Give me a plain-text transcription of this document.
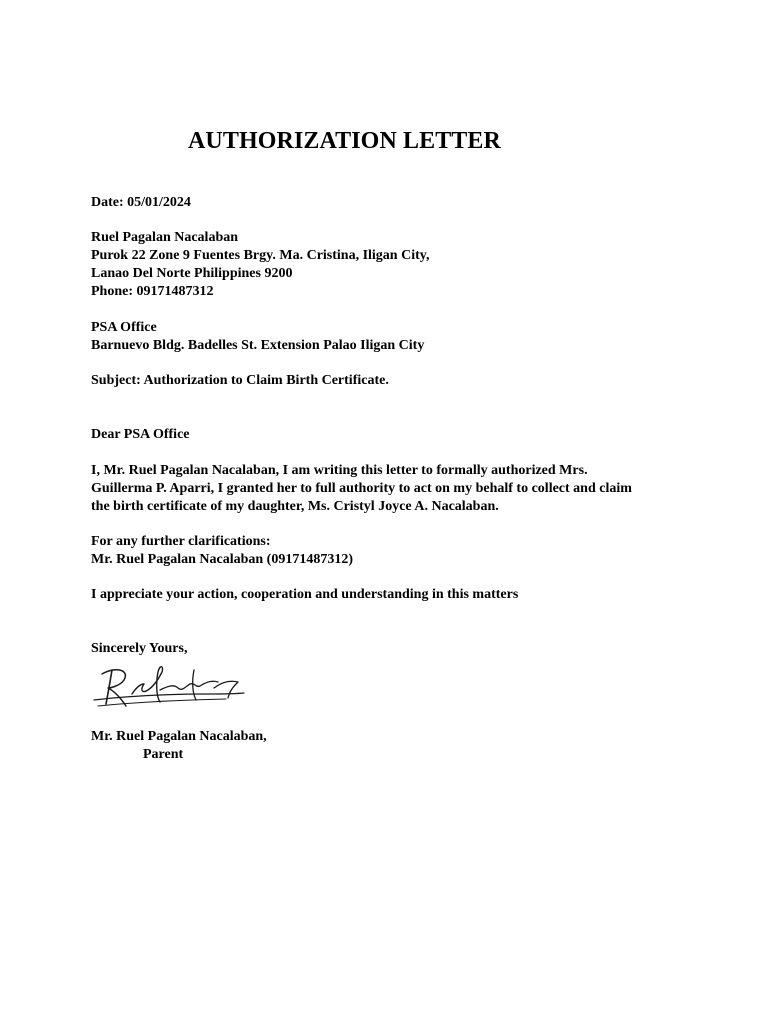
AUTHORIZATION LETTER
Date: 05/01/2024
Ruel Pagalan Nacalaban
Purok 22 Zone 9 Fuentes Brgy. Ma. Cristina, Iligan City,
Lanao Del Norte Philippines 9200
Phone: 09171487312
PSA Office
Barnuevo Bldg. Badelles St. Extension Palao Iligan City
Subject: Authorization to Claim Birth Certificate.
Dear PSA Office
I, Mr. Ruel Pagalan Nacalaban, I am writing this letter to formally authorized Mrs.
Guillerma P. Aparri, I granted her to full authority to act on my behalf to collect and claim
the birth certificate of my daughter, Ms. Cristyl Joyce A. Nacalaban.
For any further clarifications:
Mr. Ruel Pagalan Nacalaban (09171487312)
I appreciate your action, cooperation and understanding in this matters
Sincerely Yours,
Mr. Ruel Pagalan Nacalaban,
Parent
